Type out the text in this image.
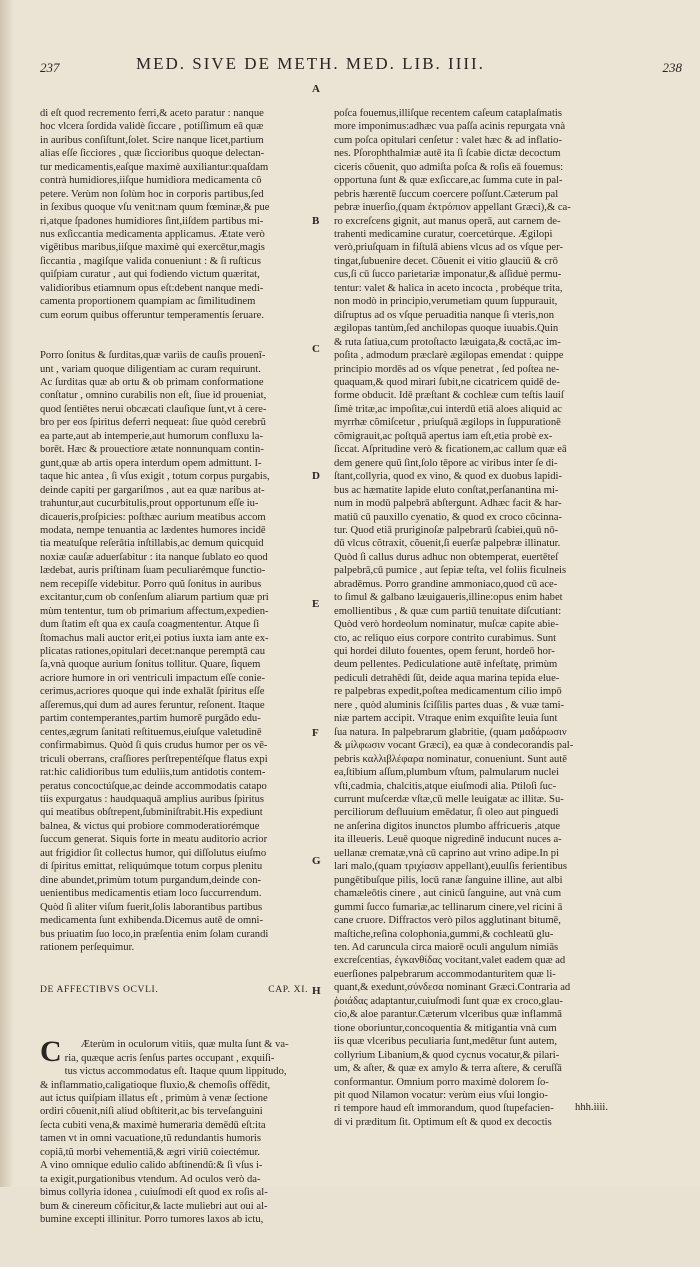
237	MED. SIVE DE METH. MED. LIB. IIII.	238

di eſt quod recremento ferri,& aceto paratur : nanque
hoc vlcera ſordida validè ſiccare , potiſſimum eâ quæ
in auribus conſiſtunt,ſolet. Scire nanque licet,partium
alias eſſe ſicciores , quæ ſiccioribus quoque delectan-
tur medicamentis,eaſque maximè auxiliantur:quaſdam
contrà humidiores,iiſque humidiora medicamenta cõ
petere. Verùm non ſolùm hoc in corporis partibus,ſed
in ſexibus quoque vſu venit:nam quum fœminæ,& pue
ri,atque ſpadones humidiores ſint,iiſdem partibus mi-
nus exſiccantia medicamenta applicamus. Ætate verò
vigētibus maribus,iiſque maximè qui exercētur,magis
ſiccantia , magiſque valida conueniunt : & ſi ruſticus
quiſpiam curatur , aut qui fodiendo victum quæritat,
validioribus etiamnum opus eſt:debent nanque medi-
camenta proportionem quampiam ac ſimilitudinem
cum eorum quibus offeruntur temperamentis ſeruare.

Porro ſonitus & ſurditas,quæ variis de cauſis prouenī-
unt , variam quoque diligentiam ac curam requirunt.
Ac ſurditas quæ ab ortu & ob primam conformatione
conſtatur , omnino curabilis non eſt, ſiue id proueniat,
quod ſentiētes nerui obcæcati clauſique ſunt,vt à cere-
bro per eos ſpiritus deferri nequeat: ſiue quòd cerebrũ
ea parte,aut ab intemperie,aut humorum confluxu la-
borēt. Hæc & prouectiore ætate nonnunquam contin-
gunt,quæ ab artis opera interdum opem admittunt. I-
taque hic antea , ſi vſus exigit , totum corpus purgabis,
deinde capiti per gargariſmos , aut ea quæ naribus at-
trahuntur,aut cucurbitulis,prout opportunum eſſe iu-
dicaueris,proſpicies: poſthæc aurium meatibus accom
modata, nempe tenuantia ac lædentes humores incidē
tia meatuſque reſerātia inſtillabis,ac demum quicquid
noxiæ cauſæ aduerſabitur : ita nanque ſublato eo quod
lædebat, auris priſtinam ſuam peculiarémque functio-
nem recepiſſe videbitur. Porro quũ ſonitus in auribus
excitantur,cum ob conſenſum aliarum partium quæ pri
mùm tententur, tum ob primarium affectum,expedien-
dum ſtatim eſt qua ex cauſa coagmententur. Atque ſi
ſtomachus mali auctor erit,ei potius iuxta iam ante ex-
plicatas rationes,opitulari decet:nanque peremptâ cau
ſa,vnà quoque aurium ſonitus tollitur. Quare, ſiquem
acriore humore in ori ventriculi impactum eſſe conie-
cerimus,acriores quoque qui inde exhalāt ſpiritus eſſe
aſſeremus,qui dum ad aures feruntur, reſonent. Itaque
partim contemperantes,partim humorē purgādo edu-
centes,ægrum ſanitati reſtituemus,eiuſque valetudinē
confirmabimus. Quòd ſi quis crudus humor per os vē-
triculi oberrans, craſſiores perſtrepentéſque flatus expi
rat:hic calidioribus tum eduliis,tum antidotis contem-
peratus concoctúſque,ac deinde accommodatis catapo
tiis expurgatus : haudquaquā amplius auribus ſpiritus
qui meatibus obſtrepent,ſubminiſtrabit.His expediunt
balnea, & victus qui probiore commoderatiorémque
ſuccum generat. Siquis forte in meatu auditorio acrior
aut frigidior ſit collectus humor, qui diſſolutus eiuſmo
di ſpiritus emittat, reliquúmque totum corpus plenitu
dine abundet,primùm totum purgandum,deinde con-
uenientibus medicamentis etiam loco ſuccurrendum.
Quòd ſi aliter viſum fuerit,ſolis laborantibus partibus
medicamenta ſunt exhibenda.Dicemus autē de omni-
bus priuatim ſuo loco,in præſentia enim ſolam curandi
rationem perſequimur.

DE AFFECTIBVS OCVLI.	CAP. XI.

C Æterùm in oculorum vitiis, quæ multa ſunt & va-
ria, quæque acris ſenſus partes occupant , exquiſi-
tus victus accommodatus eſt. Itaque quum lippitudo,
& inflammatio,caligatioque fluxio,& chemoſis offēdit,
aut ictus quiſpiam illatus eſt , primùm à venæ ſectione
ordiri cõuenit,niſi aliud obſtiterit,ac bis terveſanguini
ſecta cubiti vena,& maximè humeraria demēdū eſt:ita
tamen vt in omni vacuatione,tũ redundantis humoris
copiã,tũ morbi vehementiã,& ægri viriũ coiectémur.
A vino omnique edulio calido abſtinendũ:& ſi vſus i-
ta exigit,purgationibus vtendum. Ad oculos verò da-
bimus collyria idonea , cuiuſmodi eſt quod ex roſis al-
bum & cinereum cõficitur,& lacte muliebri aut oui al-
bumine excepti illinitur. Porro tumores laxos ab ictu,

A
B
C
D
E
F
G
H

poſca fouemus,illiſque recentem caſeum cataplaſmatis
more imponimus:adhæc vua paſſa acinis repurgata vnà
cum poſca opitulari cenſetur : valet hæc & ad inflatio-
nes. Pſorophthalmiæ autē ita ſi ſcabie dictæ decoctum
ciceris cõuenit, quo admiſta poſca & roſis eā fouemus:
opportuna ſunt & quæ exſiccare,ac ſumma cute in pal-
pebris hærentē ſuccum coercere poſſunt.Cæterum pal
pebræ inuerſio,(quam ἐκτρόπιον appellant Græci),& ca-
ro excreſcens gignit, aut manus operā, aut carnem de-
trahenti medicamine curatur, coercetúrque. Ægilopi
verò,priuſquam in fiſtulā abiens vlcus ad os vſque per-
tingat,ſubuenire decet. Cõuenit ei vitio glauciū & crō
cus,ſi cū ſucco parietariæ imponatur,& aſſiduè permu-
tentur: valet & halica in aceto incocta , probéque trita,
non modò in principio,verumetiam quum ſuppurauit,
diſruptus ad os vſque peruaditia nanque ſi vteris,non
ægilopas tantùm,ſed anchilopas quoque iuuabis.Quin
& ruta ſatiua,cum protoſtacto læuigata,& coctā,ac im-
poſita , admodum præclarè ægilopas emendat : quippe
principio mordēs ad os vſque penetrat , ſed poſtea ne-
quaquam,& quod mirari ſubit,ne cicatricem quidē de-
forme obducit. Idē præſtant & cochleæ cum teſtis lauiſ
ſimè tritæ,ac impoſitæ,cui interdū etiā aloes aliquid ac
myrrhæ cõmiſcetur , priuſquā ægilops in ſuppurationē
cõmigrauit,ac poſtquā apertus iam eſt,etia probè ex-
ſiccat. Aſpritudine verò & ficationem,ac callum quæ eā
dem genere quũ ſint,ſolo tēpore ac viribus inter ſe di-
ſtant,collyria, quod ex vino, & quod ex duobus lapidi-
bus ac hæmatite lapide eluto conſtat,perſanantina mi-
num in modū palpebrā abſtergunt. Adhæc facit & har-
matiū cū pauxillo cyenatio, & quod ex croco cõcinna-
tur. Quod etiā pruriginoſæ palpebrarū ſcabiei,quū nō-
dū vlcus cõtraxit, cõuenit,ſi euerſæ palpebræ illinatur.
Quòd ſi callus durus adhuc non obtemperat, euertēteſ
palpebrā,cū pumice , aut ſepiæ teſta, vel foliis ficulneis
abradēmus. Porro grandine ammoniaco,quod cū ace-
to ſimul & galbano læuigaueris,illine:opus enim habet
emollientibus , & quæ cum partiū tenuitate diſcutiant:
Quòd verò hordeolum nominatur, muſcæ capite abie-
cto, ac reliquo eius corpore contrito curabimus. Sunt
qui hordei diluto fouentes, opem ferunt, hordeō hor-
deum pellentes. Pediculatione autē infeſtatę, primùm
pediculi detrahēdi ſūt, deide aqua marina tepida elue-
re palpebras expedit,poſtea medicamentum cilio impō
nere , quòd aluminis ſciſſilis partes duas , & vuæ tami-
niæ partem accipit. Vtraque enim exquiſite leuia ſunt
ſua natura. In palpebrarum glabritie, (quam μαδάρωσιν
& μίλφωσιν vocant Græci), ea quæ à condecorandis pal-
pebris καλλιβλέφαρα nominatur, conueniunt. Sunt autē
ea,ſtibium aſſum,plumbum vſtum, palmularum nuclei
vſti,cadmia, chalcitis,atque eiuſmodi alia. Ptiloſi ſuc-
currunt muſcerdæ vſtæ,cū melle leuigatæ ac illitæ. Su-
perciliorum defluuium emēdatur, ſi oleo aut pinguedi
ne anſerina digitos inunctos plumbo affricueris ,atque
ita illeueris. Leuē quoque nigredinē inducunt nuces a-
uellanæ crematæ,vnà cū caprino aut vrino adipe.In pi
lari malo,(quam τριχίασιν appellant),euulſis ferientibus
pungētibuſque pilis, locū ranæ ſanguine illine, aut albi
chamæleōtis cinere , aut cinicū ſanguine, aut vnà cum
gummi ſucco fumariæ,ac tellinarum cinere,vel ricini ā
cane cruore. Diffractos verò pilos agglutinant bitumē,
maſtiche,reſina colophonia,gummi,& cochleatū glu-
ten. Ad caruncula circa maiorē oculi angulum nimiās
excreſcentias, ἐγκανθίδας vocitant,valet eadem quæ ad
euerſiones palpebrarum accommodanturitem quæ li-
quant,& exedunt,σύνδεσα nominant Græci.Contraria ad
ῥοιάδας adaptantur,cuiuſmodi ſunt quæ ex croco,glau-
cio,& aloe parantur.Cæterum vlceribus quæ inflammā
tione oboriuntur,concoquentia & mitigantia vnà cum
iis quæ vlceribus peculiaria ſunt,medētur ſunt autem,
collyrium Libanium,& quod cycnus vocatur,& pilari-
um, & aſter, & quæ ex amylo & terra aſtere, & ceruſſā
conformantur. Omnium porro maximè dolorem ſo-
pit quod Nilamon vocatur: verùm eius vſui longio-
ri tempore haud eſt immorandum, quod ſtupefacien-
di vi præditum ſit. Optimum eſt & quod ex decoctis

hhh.iiii.
